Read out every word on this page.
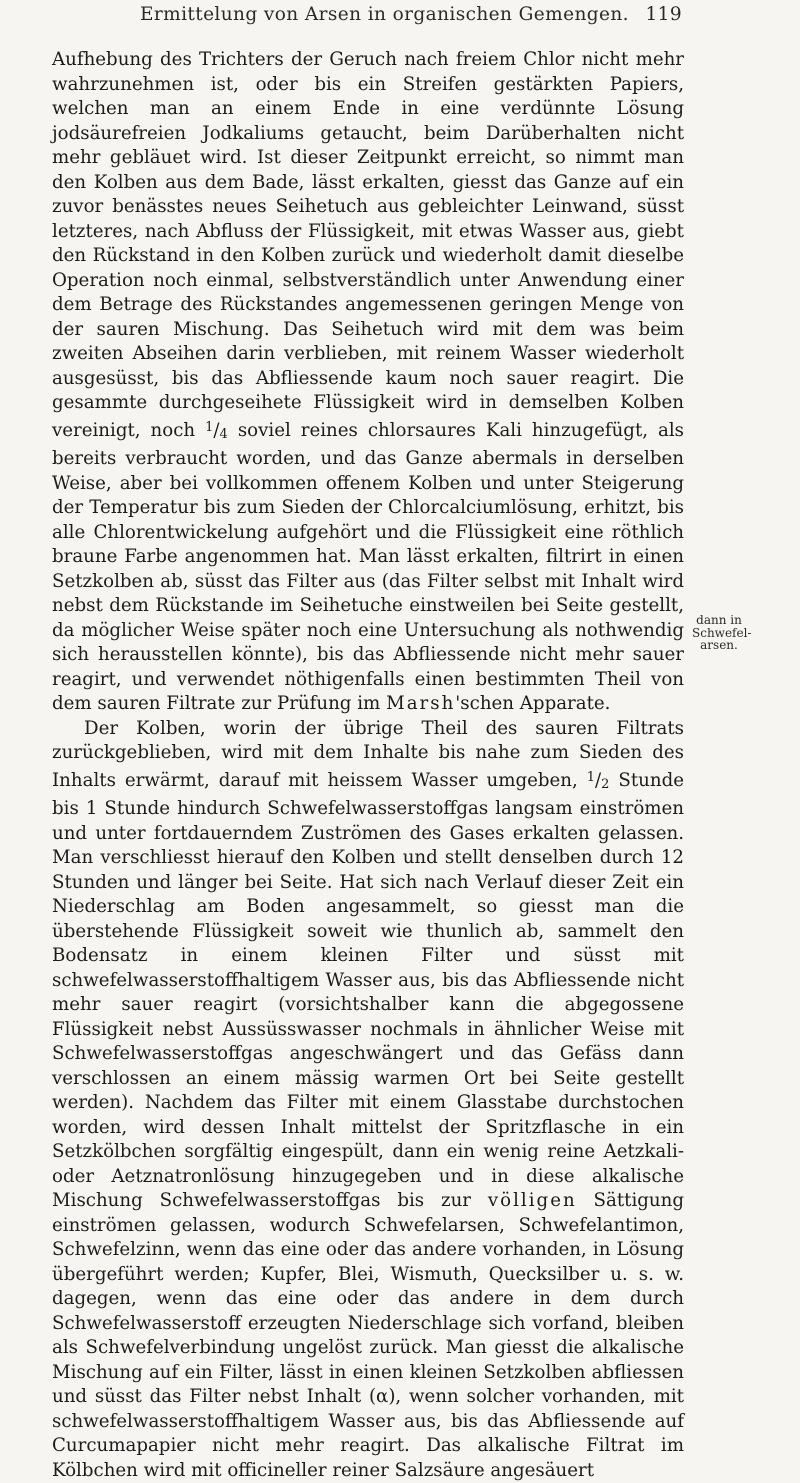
Ermittelung von Arsen in organischen Gemengen. 119

Aufhebung des Trichters der Geruch nach freiem Chlor nicht mehr wahrzunehmen ist, oder bis ein Streifen gestärkten Papiers, welchen man an einem Ende in eine verdünnte Lösung jodsäurefreien Jodkaliums getaucht, beim Darüberhalten nicht mehr gebläuet wird. Ist dieser Zeitpunkt erreicht, so nimmt man den Kolben aus dem Bade, lässt erkalten, giesst das Ganze auf ein zuvor benässtes neues Seihetuch aus gebleichter Leinwand, süsst letzteres, nach Abfluss der Flüssigkeit, mit etwas Wasser aus, giebt den Rückstand in den Kolben zurück und wiederholt damit dieselbe Operation noch einmal, selbstverständlich unter Anwendung einer dem Betrage des Rückstandes angemessenen geringen Menge von der sauren Mischung. Das Seihetuch wird mit dem was beim zweiten Abseihen darin verblieben, mit reinem Wasser wiederholt ausgesüsst, bis das Abfliessende kaum noch sauer reagirt. Die gesammte durchgeseihete Flüssigkeit wird in demselben Kolben vereinigt, noch $^1$/4 soviel reines chlorsaures Kali hinzugefügt, als bereits verbraucht worden, und das Ganze abermals in derselben Weise, aber bei vollkommen offenem Kolben und unter Steigerung der Temperatur bis zum Sieden der Chlorcalciumlösung, erhitzt, bis alle Chlorentwickelung aufgehört und die Flüssigkeit eine röthlich braune Farbe angenommen hat. Man lässt erkalten, filtrirt in einen Setzkolben ab, süsst das Filter aus (das Filter selbst mit Inhalt wird nebst dem Rückstande im Seihetuche einstweilen bei Seite gestellt, da möglicher Weise später noch eine Untersuchung als nothwendig sich herausstellen könnte), bis das Abfliessende nicht mehr sauer reagirt, und verwendet nöthigenfalls einen bestimmten Theil von dem sauren Filtrate zur Prüfung im Marsh'schen Apparate.

Der Kolben, worin der übrige Theil des sauren Filtrats zurückgeblieben, wird mit dem Inhalte bis nahe zum Sieden des Inhalts erwärmt, darauf mit heissem Wasser umgeben, $^1$/2 Stunde bis 1 Stunde hindurch Schwefelwasserstoffgas langsam einströmen und unter fortdauerndem Zuströmen des Gases erkalten gelassen. Man verschliesst hierauf den Kolben und stellt denselben durch 12 Stunden und länger bei Seite. Hat sich nach Verlauf dieser Zeit ein Niederschlag am Boden angesammelt, so giesst man die überstehende Flüssigkeit soweit wie thunlich ab, sammelt den Bodensatz in einem kleinen Filter und süsst mit schwefelwasserstoffhaltigem Wasser aus, bis das Abfliessende nicht mehr sauer reagirt (vorsichtshalber kann die abgegossene Flüssigkeit nebst Aussüsswasser nochmals in ähnlicher Weise mit Schwefelwasserstoffgas angeschwängert und das Gefäss dann verschlossen an einem mässig warmen Ort bei Seite gestellt werden). Nachdem das Filter mit einem Glasstabe durchstochen worden, wird dessen Inhalt mittelst der Spritzflasche in ein Setzkölbchen sorgfältig eingespült, dann ein wenig reine Aetzkali- oder Aetznatronlösung hinzugegeben und in diese alkalische Mischung Schwefelwasserstoffgas bis zur völligen Sättigung einströmen gelassen, wodurch Schwefelarsen, Schwefelantimon, Schwefelzinn, wenn das eine oder das andere vorhanden, in Lösung übergeführt werden; Kupfer, Blei, Wismuth, Quecksilber u. s. w. dagegen, wenn das eine oder das andere in dem durch Schwefelwasserstoff erzeugten Niederschlage sich vorfand, bleiben als Schwefelverbindung ungelöst zurück. Man giesst die alkalische Mischung auf ein Filter, lässt in einen kleinen Setzkolben abfliessen und süsst das Filter nebst Inhalt (α), wenn solcher vorhanden, mit schwefelwasserstoffhaltigem Wasser aus, bis das Abfliessende auf Curcumapapier nicht mehr reagirt. Das alkalische Filtrat im Kölbchen wird mit officineller reiner Salzsäure angesäuert

dann in
Schwefel-
arsen.
